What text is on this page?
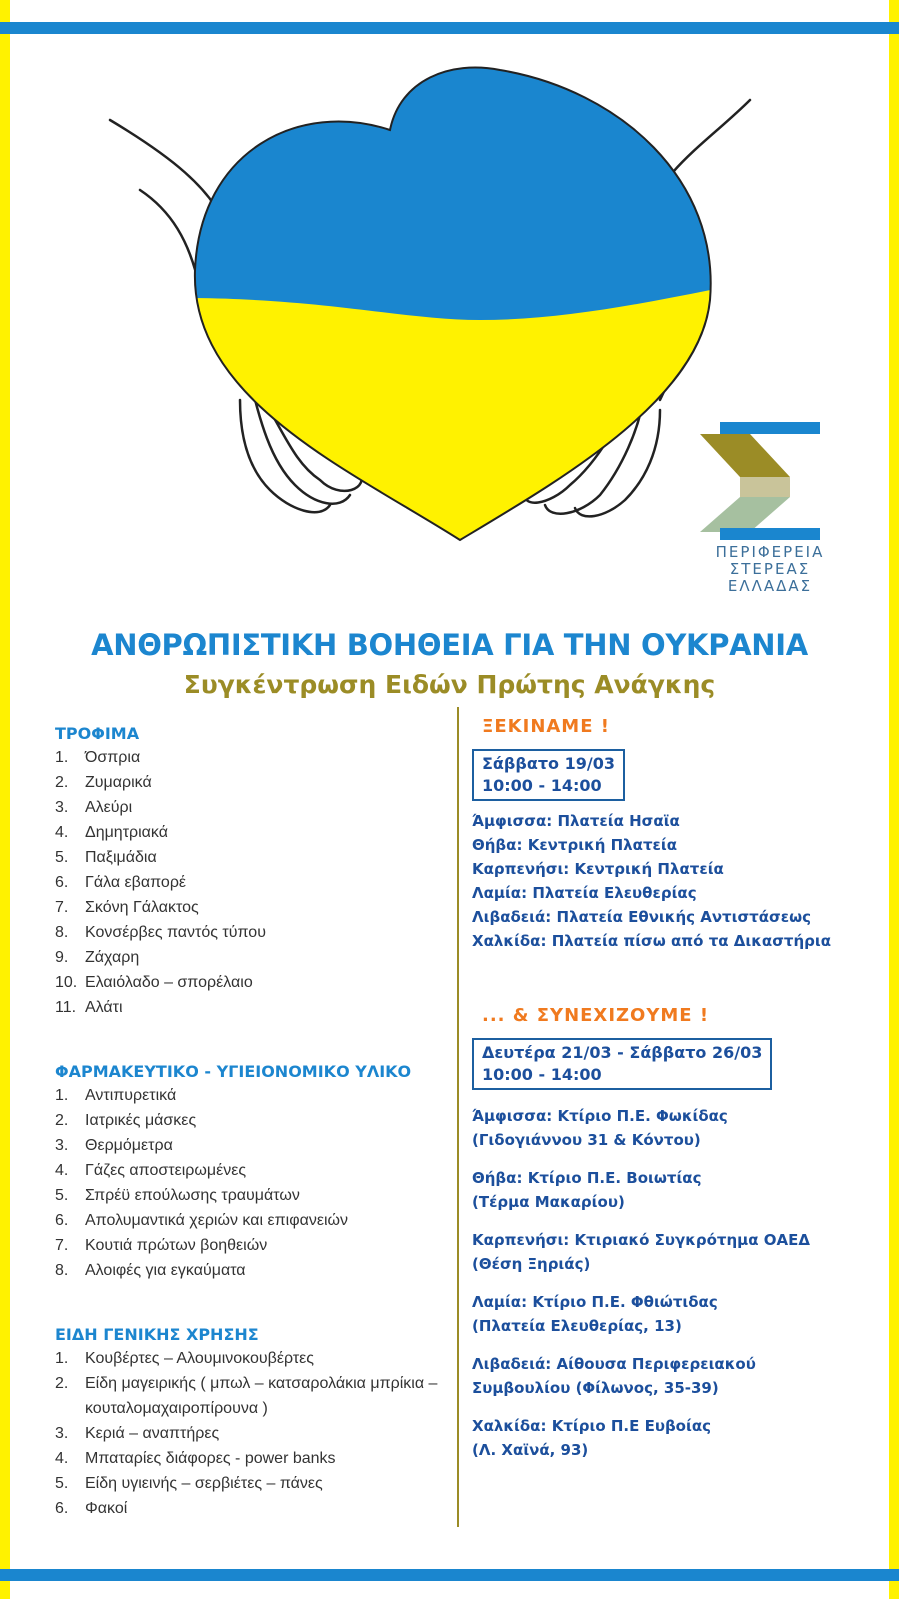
ΠΕΡΙΦΕΡΕΙΑ
ΣΤΕΡΕΑΣ
ΕΛΛΑΔΑΣ
ΑΝΘΡΩΠΙΣΤΙΚΗ ΒΟΗΘΕΙΑ ΓΙΑ ΤΗΝ ΟΥΚΡΑΝΙΑ
Συγκέντρωση Ειδών Πρώτης Ανάγκης
ΤΡΟΦΙΜΑ
1. Όσπρια
2. Ζυμαρικά
3. Αλεύρι
4. Δημητριακά
5. Παξιμάδια
6. Γάλα εβαπορέ
7. Σκόνη Γάλακτος
8. Κονσέρβες παντός τύπου
9. Ζάχαρη
10. Ελαιόλαδο – σπορέλαιο
11. Αλάτι
ΦΑΡΜΑΚΕΥΤΙΚΟ - ΥΓΙΕΙΟΝΟΜΙΚΟ ΥΛΙΚΟ
1. Αντιπυρετικά
2. Ιατρικές μάσκες
3. Θερμόμετρα
4. Γάζες αποστειρωμένες
5. Σπρέϋ επούλωσης τραυμάτων
6. Απολυμαντικά χεριών και επιφανειών
7. Κουτιά πρώτων βοηθειών
8. Αλοιφές για εγκαύματα
ΕΙΔΗ ΓΕΝΙΚΗΣ ΧΡΗΣΗΣ
1. Κουβέρτες – Αλουμινοκουβέρτες
2. Είδη μαγειρικής ( μπωλ – κατσαρολάκια μπρίκια – κουταλομαχαιροπίρουνα )
3. Κεριά – αναπτήρες
4. Μπαταρίες διάφορες - power banks
5. Είδη υγιεινής – σερβιέτες – πάνες
6. Φακοί
ΞΕΚΙΝΑΜΕ !
Σάββατο 19/03
10:00 - 14:00
Άμφισσα: Πλατεία Ησαϊα
Θήβα: Κεντρική Πλατεία
Καρπενήσι: Κεντρική Πλατεία
Λαμία: Πλατεία Ελευθερίας
Λιβαδειά: Πλατεία Εθνικής Αντιστάσεως
Χαλκίδα: Πλατεία πίσω από τα Δικαστήρια
... & ΣΥΝΕΧΙΖΟΥΜΕ !
Δευτέρα 21/03 - Σάββατο 26/03
10:00 - 14:00
Άμφισσα: Κτίριο Π.Ε. Φωκίδας
(Γιδογιάννου 31 & Κόντου)
Θήβα: Κτίριο Π.Ε. Βοιωτίας
(Τέρμα Μακαρίου)
Καρπενήσι: Κτιριακό Συγκρότημα ΟΑΕΔ
(Θέση Ξηριάς)
Λαμία: Κτίριο Π.Ε. Φθιώτιδας
(Πλατεία Ελευθερίας, 13)
Λιβαδειά: Αίθουσα Περιφερειακού
Συμβουλίου (Φίλωνος, 35-39)
Χαλκίδα: Κτίριο Π.Ε Ευβοίας
(Λ. Χαϊνά, 93)
